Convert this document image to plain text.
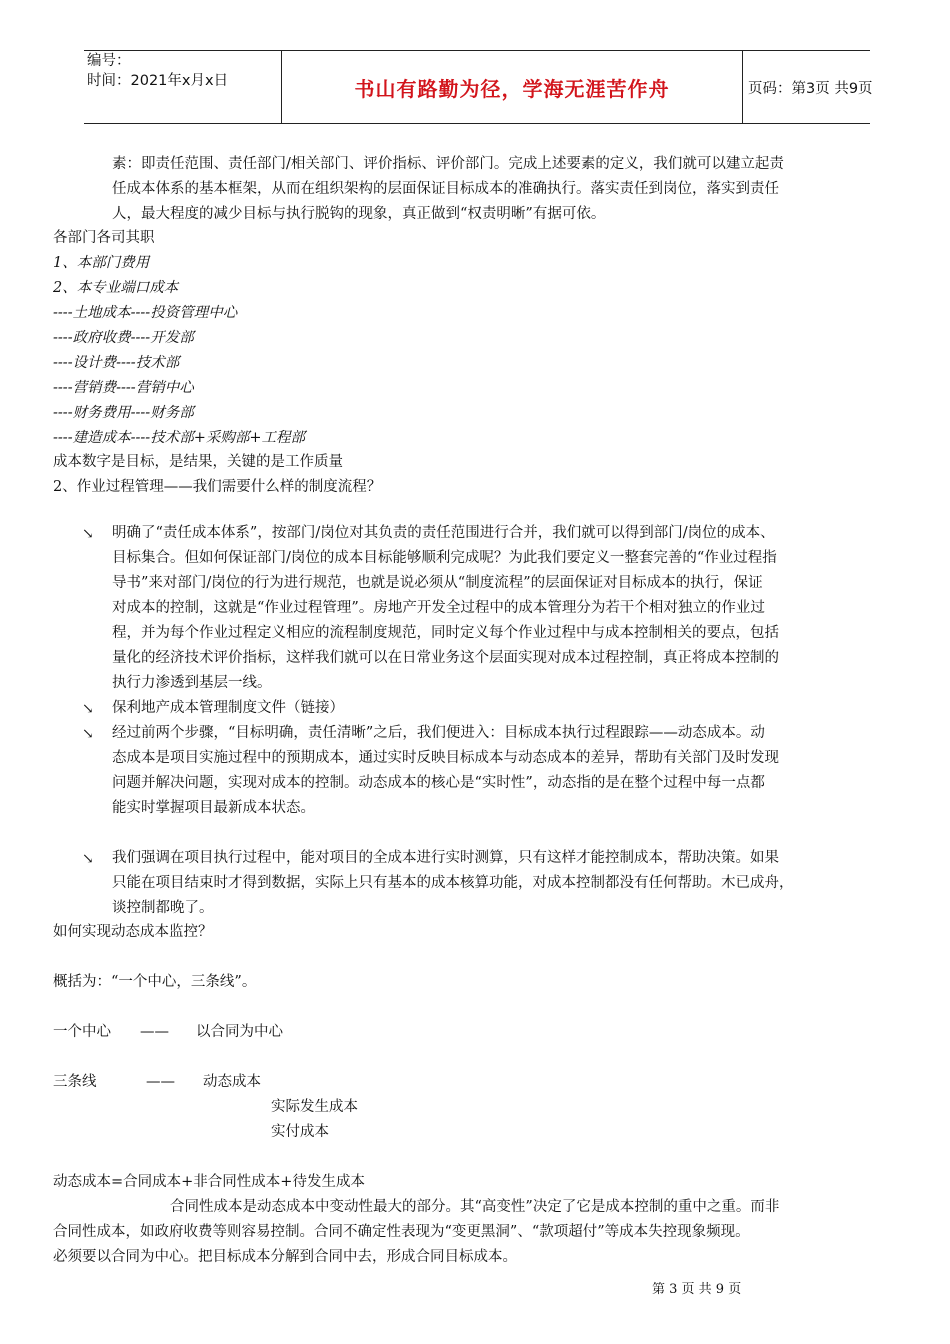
编号：
时间：2021年x月x日	书山有路勤为径，学海无涯苦作舟	页码：第3页 共9页
素：即责任范围、责任部门/相关部门、评价指标、评价部门。完成上述要素的定义，我们就可以建立起责
任成本体系的基本框架，从而在组织架构的层面保证目标成本的准确执行。落实责任到岗位，落实到责任
人，最大程度的减少目标与执行脱钩的现象，真正做到“权责明晰”有据可依。
各部门各司其职
1、本部门费用
2、本专业端口成本
----土地成本----投资管理中心
----政府收费----开发部
----设计费----技术部
----营销费----营销中心
----财务费用----财务部
----建造成本----技术部+采购部+工程部
成本数字是目标，是结果，关键的是工作质量
2、作业过程管理——我们需要什么样的制度流程？
↘ 明确了“责任成本体系”，按部门/岗位对其负责的责任范围进行合并，我们就可以得到部门/岗位的成本、
目标集合。但如何保证部门/岗位的成本目标能够顺利完成呢？为此我们要定义一整套完善的“作业过程指
导书”来对部门/岗位的行为进行规范，也就是说必须从“制度流程”的层面保证对目标成本的执行，保证
对成本的控制，这就是“作业过程管理”。房地产开发全过程中的成本管理分为若干个相对独立的作业过
程，并为每个作业过程定义相应的流程制度规范，同时定义每个作业过程中与成本控制相关的要点，包括
量化的经济技术评价指标，这样我们就可以在日常业务这个层面实现对成本过程控制，真正将成本控制的
执行力渗透到基层一线。
↘ 保利地产成本管理制度文件（链接）
↘ 经过前两个步骤，“目标明确，责任清晰”之后，我们便进入：目标成本执行过程跟踪——动态成本。动
态成本是项目实施过程中的预期成本，通过实时反映目标成本与动态成本的差异，帮助有关部门及时发现
问题并解决问题，实现对成本的控制。动态成本的核心是“实时性”，动态指的是在整个过程中每一点都
能实时掌握项目最新成本状态。
↘ 我们强调在项目执行过程中，能对项目的全成本进行实时测算，只有这样才能控制成本，帮助决策。如果
只能在项目结束时才得到数据，实际上只有基本的成本核算功能，对成本控制都没有任何帮助。木已成舟，
谈控制都晚了。
如何实现动态成本监控？
概括为：“一个中心，三条线”。
一个中心 —— 以合同为中心
三条线	—— 动态成本
实际发生成本
实付成本
动态成本=合同成本+非合同性成本+待发生成本
合同性成本是动态成本中变动性最大的部分。其“高变性”决定了它是成本控制的重中之重。而非
合同性成本，如政府收费等则容易控制。合同不确定性表现为“变更黑洞”、“款项超付”等成本失控现象频现。
必须要以合同为中心。把目标成本分解到合同中去，形成合同目标成本。
第 3 页 共 9 页
